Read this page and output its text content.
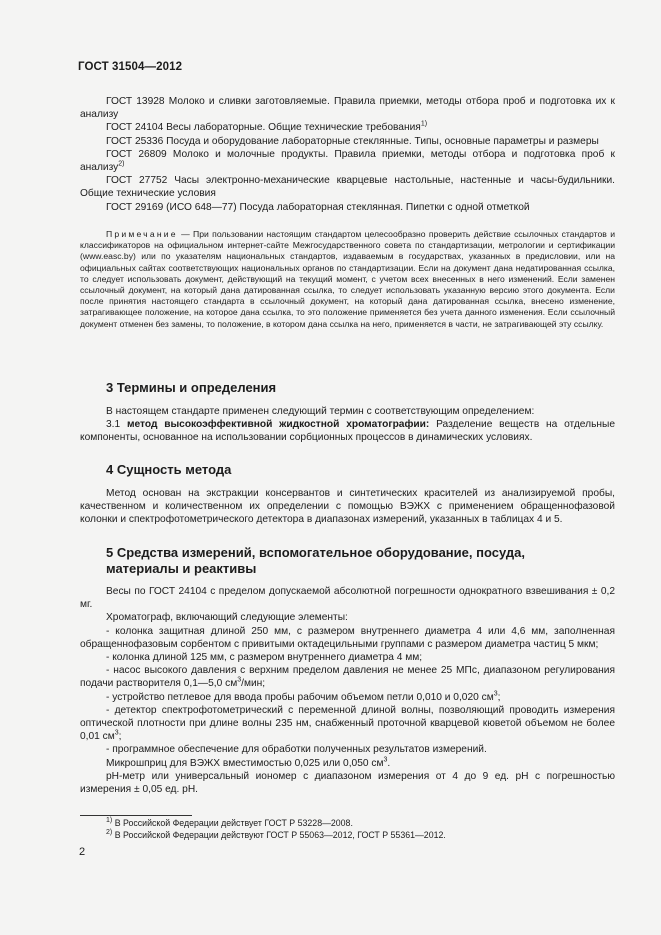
ГОСТ 31504—2012

ГОСТ 13928 Молоко и сливки заготовляемые. Правила приемки, методы отбора проб и подготовка их к анализу

ГОСТ 24104 Весы лабораторные. Общие технические требования$^{1)}$

ГОСТ 25336 Посуда и оборудование лабораторные стеклянные. Типы, основные параметры и размеры

ГОСТ 26809 Молоко и молочные продукты. Правила приемки, методы отбора и подготовка проб к анализу$^{2)}$

ГОСТ 27752 Часы электронно-механические кварцевые настольные, настенные и часы-будильники. Общие технические условия

ГОСТ 29169 (ИСО 648—77) Посуда лабораторная стеклянная. Пипетки с одной отметкой

Примечание — При пользовании настоящим стандартом целесообразно проверить действие ссылочных стандартов и классификаторов на официальном интернет-сайте Межгосударственного совета по стандартизации, метрологии и сертификации (www.easc.by) или по указателям национальных стандартов, издаваемым в государствах, указанных в предисловии, или на официальных сайтах соответствующих национальных органов по стандартизации. Если на документ дана недатированная ссылка, то следует использовать документ, действующий на текущий момент, с учетом всех внесенных в него изменений. Если заменен ссылочный документ, на который дана датированная ссылка, то следует использовать указанную версию этого документа. Если после принятия настоящего стандарта в ссылочный документ, на который дана датированная ссылка, внесено изменение, затрагивающее положение, на которое дана ссылка, то это положение применяется без учета данного изменения. Если ссылочный документ отменен без замены, то положение, в котором дана ссылка на него, применяется в части, не затрагивающей эту ссылку.

3 Термины и определения

В настоящем стандарте применен следующий термин с соответствующим определением:

3.1 метод высокоэффективной жидкостной хроматографии: Разделение веществ на отдельные компоненты, основанное на использовании сорбционных процессов в динамических условиях.

4 Сущность метода

Метод основан на экстракции консервантов и синтетических красителей из анализируемой пробы, качественном и количественном их определении с помощью ВЭЖХ с применением обращеннофазовой колонки и спектрофотометрического детектора в диапазонах измерений, указанных в таблицах 4 и 5.

5 Средства измерений, вспомогательное оборудование, посуда,
материалы и реактивы

Весы по ГОСТ 24104 с пределом допускаемой абсолютной погрешности однократного взвешивания ± 0,2 мг.

Хроматограф, включающий следующие элементы:

- колонка защитная длиной 250 мм, с размером внутреннего диаметра 4 или 4,6 мм, заполненная обращеннофазовым сорбентом с привитыми октадецильными группами с размером диаметра частиц 5 мкм;

- колонка длиной 125 мм, с размером внутреннего диаметра 4 мм;

- насос высокого давления с верхним пределом давления не менее 25 МПс, диапазоном регулирования подачи растворителя 0,1—5,0 $см^3$/мин;

- устройство петлевое для ввода пробы рабочим объемом петли 0,010 и 0,020 $см^3$;

- детектор спектрофотометрический с переменной длиной волны, позволяющий проводить измерения оптической плотности при длине волны 235 нм, снабженный проточной кварцевой кюветой объемом не более 0,01 $см^3$;

- программное обеспечение для обработки полученных результатов измерений.

Микрошприц для ВЭЖХ вместимостью 0,025 или 0,050 $см^3$.

рН-метр или универсальный иономер с диапазоном измерения от 4 до 9 ед. рН с погрешностью измерения ± 0,05 ед. рН.

$^{1)}$ В Российской Федерации действует ГОСТ Р 53228—2008.

$^{2)}$ В Российской Федерации действуют ГОСТ Р 55063—2012, ГОСТ Р 55361—2012.

2
